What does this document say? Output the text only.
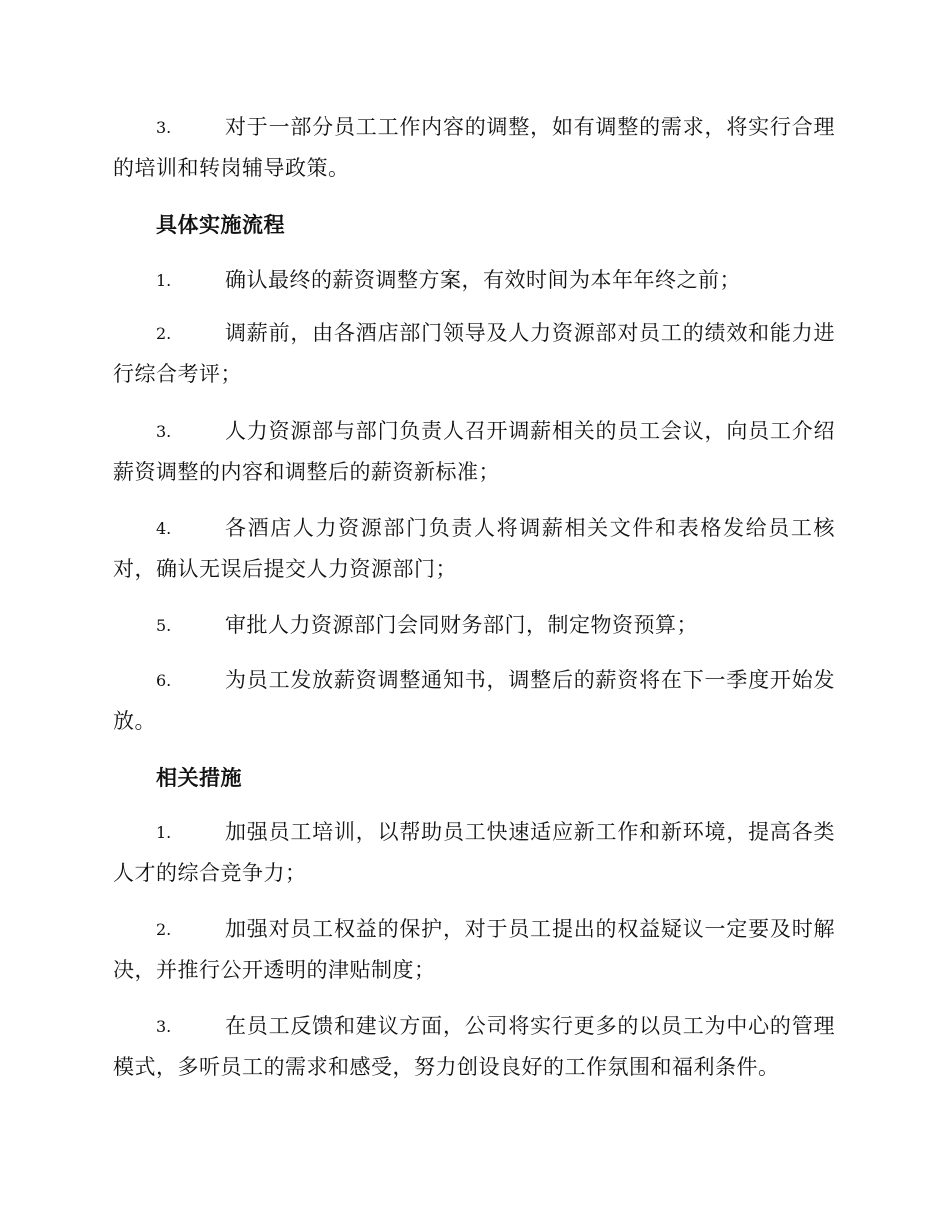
3.	对于一部分员工工作内容的调整，如有调整的需求，将实行合理的培训和转岗辅导政策。
具体实施流程
1.	确认最终的薪资调整方案，有效时间为本年年终之前；
2.	调薪前，由各酒店部门领导及人力资源部对员工的绩效和能力进行综合考评；
3.	人力资源部与部门负责人召开调薪相关的员工会议，向员工介绍薪资调整的内容和调整后的薪资新标准；
4.	各酒店人力资源部门负责人将调薪相关文件和表格发给员工核对，确认无误后提交人力资源部门；
5.	审批人力资源部门会同财务部门，制定物资预算；
6.	为员工发放薪资调整通知书，调整后的薪资将在下一季度开始发放。
相关措施
1.	加强员工培训，以帮助员工快速适应新工作和新环境，提高各类人才的综合竞争力；
2.	加强对员工权益的保护，对于员工提出的权益疑议一定要及时解决，并推行公开透明的津贴制度；
3.	在员工反馈和建议方面，公司将实行更多的以员工为中心的管理模式，多听员工的需求和感受，努力创设良好的工作氛围和福利条件。
